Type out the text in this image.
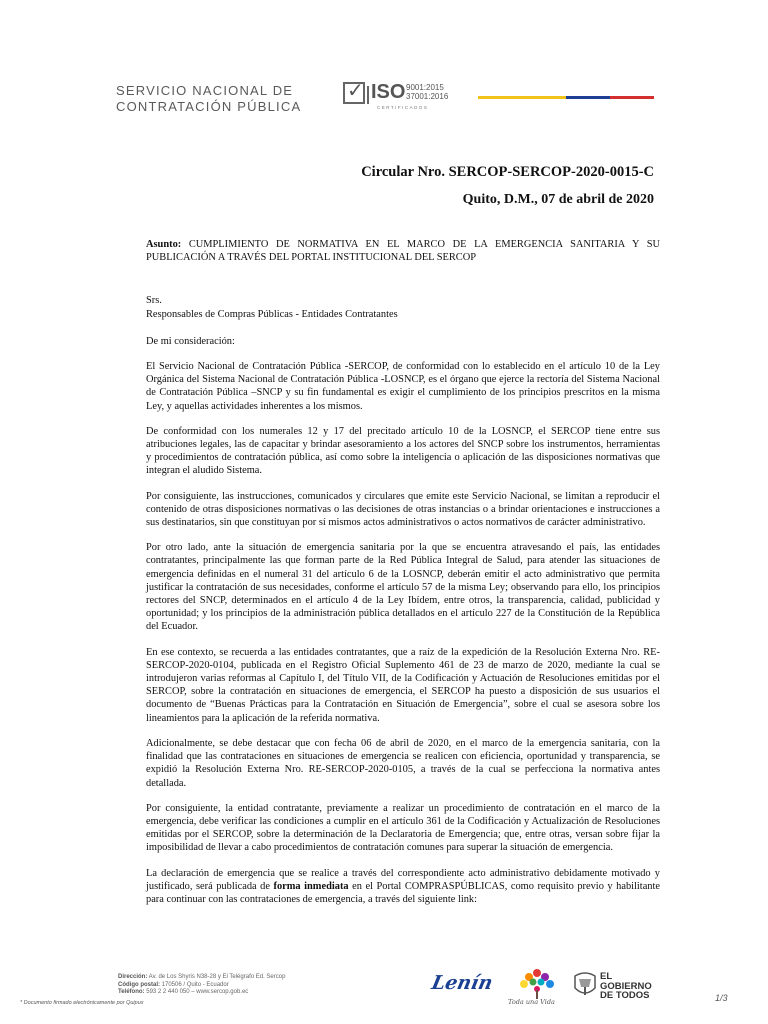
SERVICIO NACIONAL DE
CONTRATACIÓN PÚBLICA
✓ ISO 9001:2015
37001:2016
CERTIFICADOS
Circular Nro. SERCOP-SERCOP-2020-0015-C
Quito, D.M., 07 de abril de 2020

Asunto: CUMPLIMIENTO DE NORMATIVA EN EL MARCO DE LA EMERGENCIA SANITARIA Y SU PUBLICACIÓN A TRAVÉS DEL PORTAL INSTITUCIONAL DEL SERCOP

Srs.
Responsables de Compras Públicas - Entidades Contratantes

De mi consideración:

El Servicio Nacional de Contratación Pública -SERCOP, de conformidad con lo establecido en el artículo 10 de la Ley Orgánica del Sistema Nacional de Contratación Pública -LOSNCP, es el órgano que ejerce la rectoría del Sistema Nacional de Contratación Pública –SNCP y su fin fundamental es exigir el cumplimiento de los principios prescritos en la misma Ley, y aquellas actividades inherentes a los mismos.

De conformidad con los numerales 12 y 17 del precitado artículo 10 de la LOSNCP, el SERCOP tiene entre sus atribuciones legales, las de capacitar y brindar asesoramiento a los actores del SNCP sobre los instrumentos, herramientas y procedimientos de contratación pública, así como sobre la inteligencia o aplicación de las disposiciones normativas que integran el aludido Sistema.

Por consiguiente, las instrucciones, comunicados y circulares que emite este Servicio Nacional, se limitan a reproducir el contenido de otras disposiciones normativas o las decisiones de otras instancias o a brindar orientaciones e instrucciones a sus destinatarios, sin que constituyan por sí mismos actos administrativos o actos normativos de carácter administrativo.

Por otro lado, ante la situación de emergencia sanitaria por la que se encuentra atravesando el país, las entidades contratantes, principalmente las que forman parte de la Red Pública Integral de Salud, para atender las situaciones de emergencia definidas en el numeral 31 del artículo 6 de la LOSNCP, deberán emitir el acto administrativo que permita justificar la contratación de sus necesidades, conforme el artículo 57 de la misma Ley; observando para ello, los principios rectores del SNCP, determinados en el artículo 4 de la Ley Ibídem, entre otros, la transparencia, calidad, publicidad y oportunidad; y los principios de la administración pública detallados en el artículo 227 de la Constitución de la República del Ecuador.

En ese contexto, se recuerda a las entidades contratantes, que a raíz de la expedición de la Resolución Externa Nro. RE-SERCOP-2020-0104, publicada en el Registro Oficial Suplemento 461 de 23 de marzo de 2020, mediante la cual se introdujeron varias reformas al Capítulo I, del Título VII, de la Codificación y Actuación de Resoluciones emitidas por el SERCOP, sobre la contratación en situaciones de emergencia, el SERCOP ha puesto a disposición de sus usuarios el documento de “Buenas Prácticas para la Contratación en Situación de Emergencia”, sobre el cual se asesora sobre los lineamientos para la aplicación de la referida normativa.

Adicionalmente, se debe destacar que con fecha 06 de abril de 2020, en el marco de la emergencia sanitaria, con la finalidad que las contrataciones en situaciones de emergencia se realicen con eficiencia, oportunidad y transparencia, se expidió la Resolución Externa Nro. RE-SERCOP-2020-0105, a través de la cual se perfecciona la normativa antes detallada.

Por consiguiente, la entidad contratante, previamente a realizar un procedimiento de contratación en el marco de la emergencia, debe verificar las condiciones a cumplir en el artículo 361 de la Codificación y Actualización de Resoluciones emitidas por el SERCOP, sobre la determinación de la Declaratoria de Emergencia; que, entre otras, versan sobre fijar la imposibilidad de llevar a cabo procedimientos de contratación comunes para superar la situación de emergencia.

La declaración de emergencia que se realice a través del correspondiente acto administrativo debidamente motivado y justificado, será publicada de forma inmediata en el Portal COMPRASPÚBLICAS, como requisito previo y habilitante para continuar con las contrataciones de emergencia, a través del siguiente link:

Dirección: Av. de Los Shyris N38-28 y El Telégrafo Ed. Sercop
Código postal: 170506 / Quito - Ecuador
Teléfono: 593 2 2 440 050 – www.sercop.gob.ec	Lenín
Toda una Vida
EL
GOBIERNO
DE TODOS
* Documento firmado electrónicamente por Quipux	1/3
